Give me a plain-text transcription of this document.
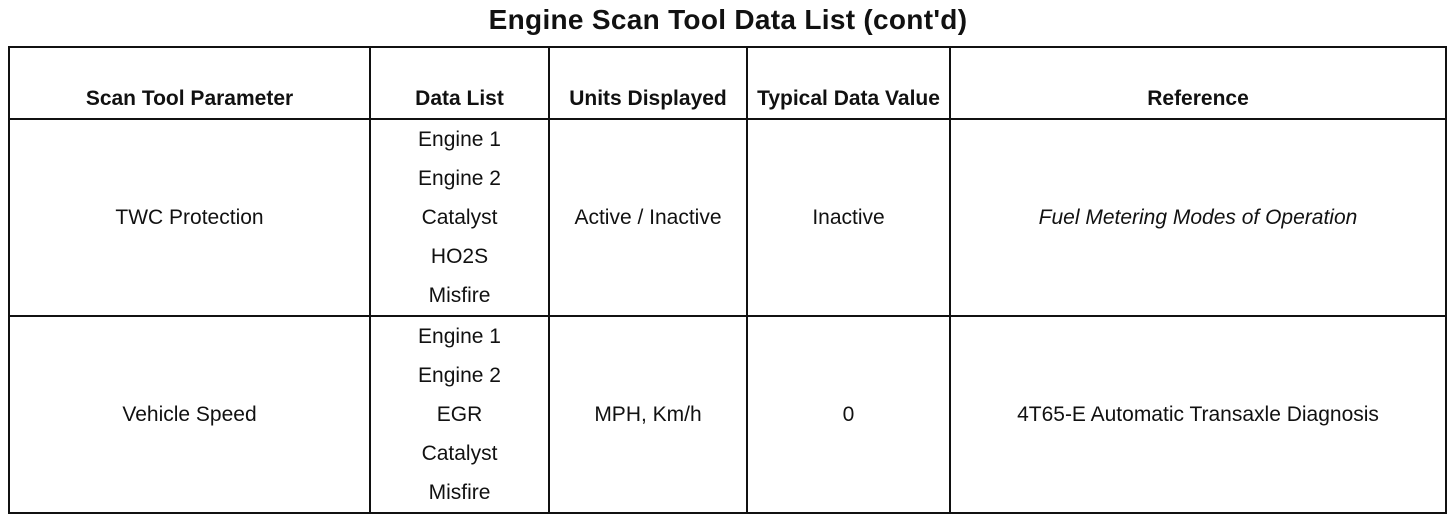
Engine Scan Tool Data List (cont'd)
Scan Tool Parameter	Data List	Units Displayed	Typical Data Value	Reference
TWC Protection	Engine 1
Engine 2
Catalyst
HO2S
Misfire	Active / Inactive	Inactive	Fuel Metering Modes of Operation
Vehicle Speed	Engine 1
Engine 2
EGR
Catalyst
Misfire	MPH, Km/h	0	4T65-E Automatic Transaxle Diagnosis
